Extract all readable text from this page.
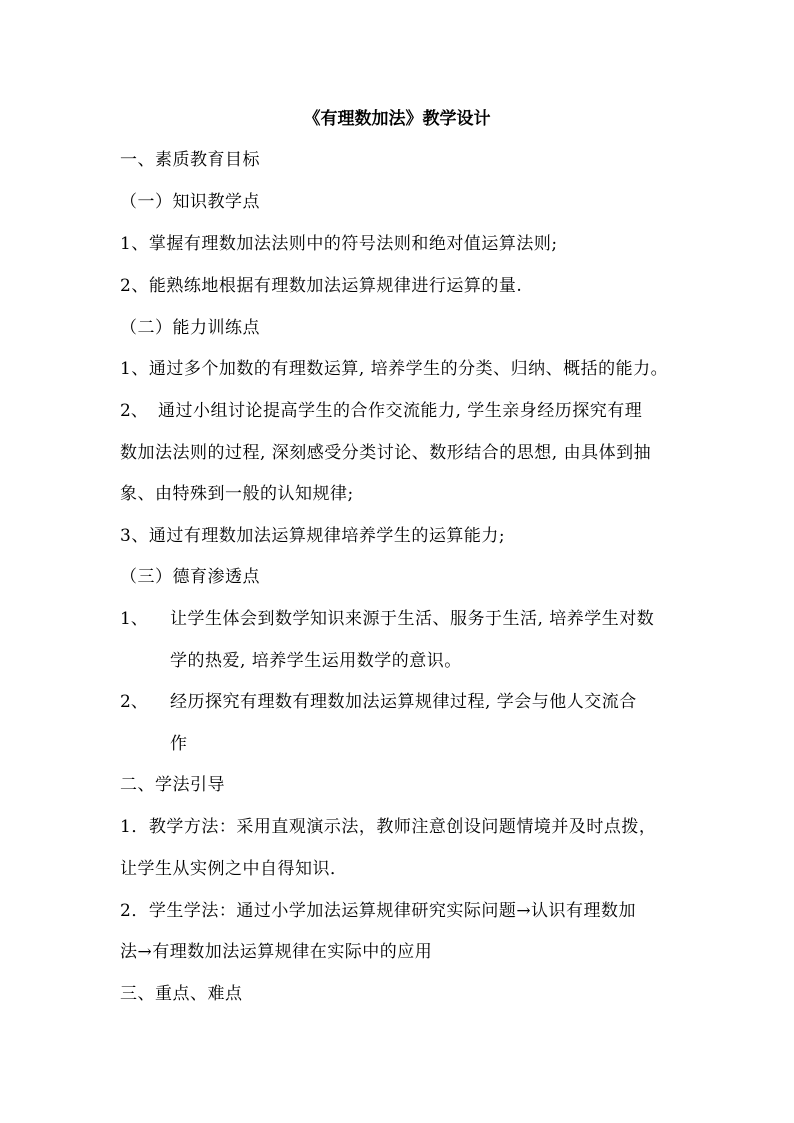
《有理数加法》教学设计
一、素质教育目标
（一）知识教学点
1、掌握有理数加法法则中的符号法则和绝对值运算法则;
2、能熟练地根据有理数加法运算规律进行运算的量.
（二）能力训练点
1、通过多个加数的有理数运算, 培养学生的分类、归纳、概括的能力。
2、 通过小组讨论提高学生的合作交流能力, 学生亲身经历探究有理
数加法法则的过程, 深刻感受分类讨论、数形结合的思想, 由具体到抽
象、由特殊到一般的认知规律;
3、通过有理数加法运算规律培养学生的运算能力;
（三）德育渗透点
1、 让学生体会到数学知识来源于生活、服务于生活, 培养学生对数
学的热爱, 培养学生运用数学的意识。
2、 经历探究有理数有理数加法运算规律过程, 学会与他人交流合
作
二、学法引导
1．教学方法：采用直观演示法，教师注意创设问题情境并及时点拨，
让学生从实例之中自得知识．
2．学生学法：通过小学加法运算规律研究实际问题→认识有理数加
法→有理数加法运算规律在实际中的应用
三、重点、难点
